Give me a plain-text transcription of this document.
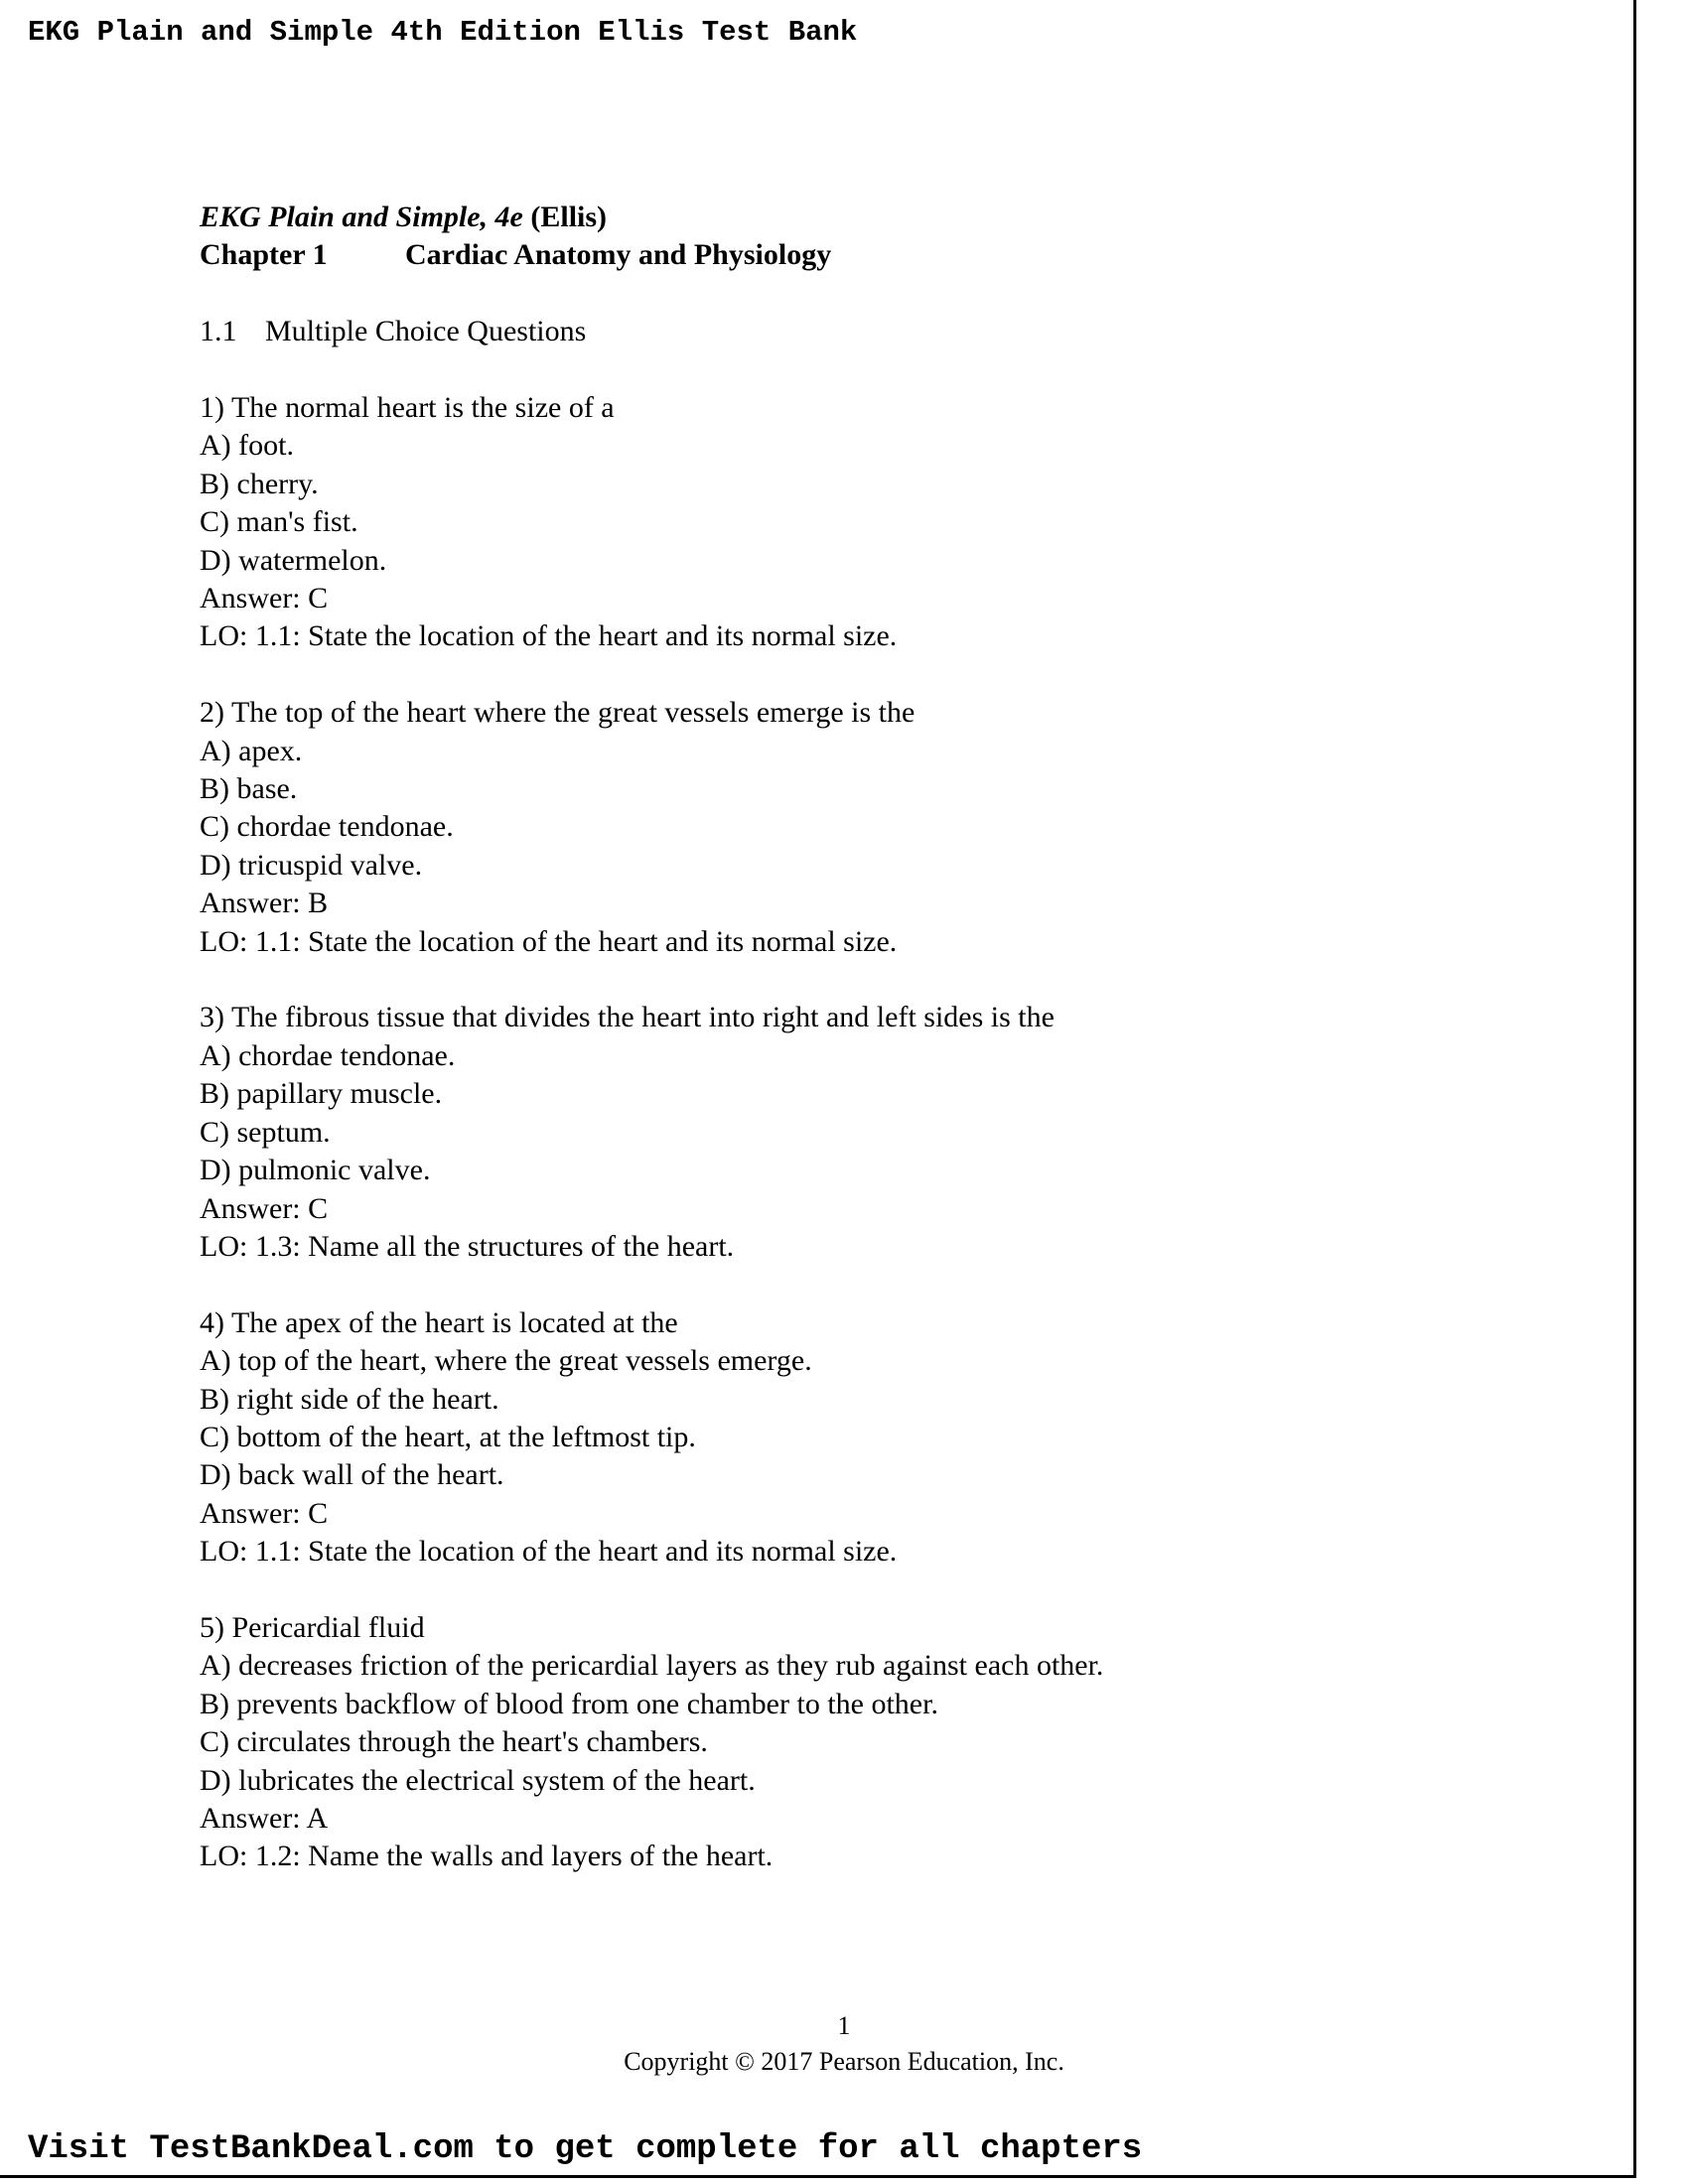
EKG Plain and Simple 4th Edition Ellis Test Bank

EKG Plain and Simple, 4e (Ellis)

Chapter 1	Cardiac Anatomy and Physiology

1.1 Multiple Choice Questions

1) The normal heart is the size of a

A) foot.

B) cherry.

C) man's fist.

D) watermelon.

Answer: C

LO: 1.1: State the location of the heart and its normal size.

2) The top of the heart where the great vessels emerge is the

A) apex.

B) base.

C) chordae tendonae.

D) tricuspid valve.

Answer: B

LO: 1.1: State the location of the heart and its normal size.

3) The fibrous tissue that divides the heart into right and left sides is the

A) chordae tendonae.

B) papillary muscle.

C) septum.

D) pulmonic valve.

Answer: C

LO: 1.3: Name all the structures of the heart.

4) The apex of the heart is located at the

A) top of the heart, where the great vessels emerge.

B) right side of the heart.

C) bottom of the heart, at the leftmost tip.

D) back wall of the heart.

Answer: C

LO: 1.1: State the location of the heart and its normal size.

5) Pericardial fluid

A) decreases friction of the pericardial layers as they rub against each other.

B) prevents backflow of blood from one chamber to the other.

C) circulates through the heart's chambers.

D) lubricates the electrical system of the heart.

Answer: A

LO: 1.2: Name the walls and layers of the heart.

1
Copyright © 2017 Pearson Education, Inc.

Visit TestBankDeal.com to get complete for all chapters
